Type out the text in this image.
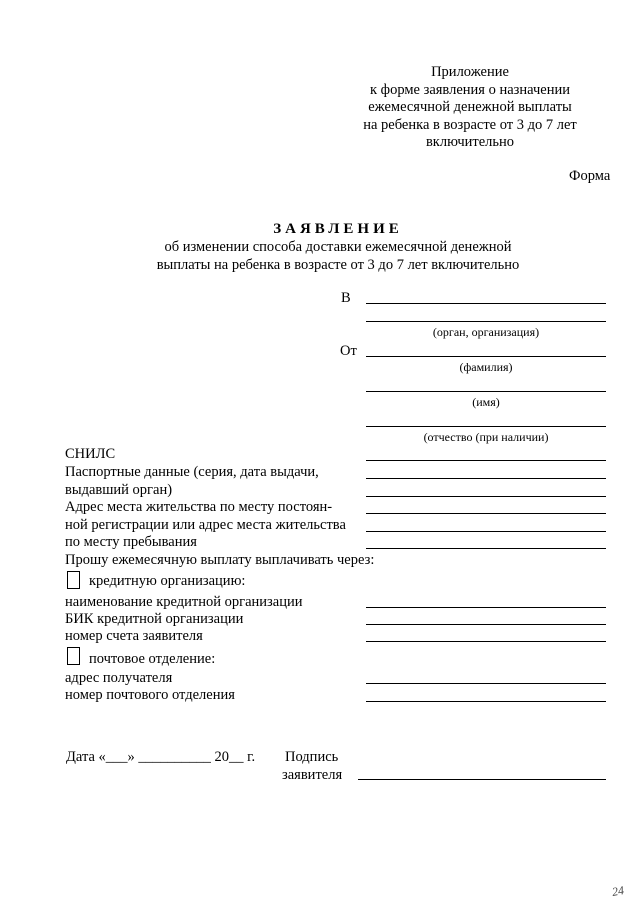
Приложение
к форме заявления о назначении
ежемесячной денежной выплаты
на ребенка в возрасте от 3 до 7 лет
включительно
Форма
ЗАЯВЛЕНИЕ
об изменении способа доставки ежемесячной денежной
выплаты на ребенка в возрасте от 3 до 7 лет включительно
В
(орган, организация)
От
(фамилия)
(имя)
(отчество (при наличии)
СНИЛС
Паспортные данные (серия, дата выдачи,
выдавший орган)
Адрес места жительства по месту постоян-
ной регистрации или адрес места жительства
по месту пребывания
Прошу ежемесячную выплату выплачивать через:
кредитную организацию:
наименование кредитной организации
БИК кредитной организации
номер счета заявителя
почтовое отделение:
адрес получателя
номер почтового отделения
Дата «___» __________ 20__ г. Подпись
заявителя
24
